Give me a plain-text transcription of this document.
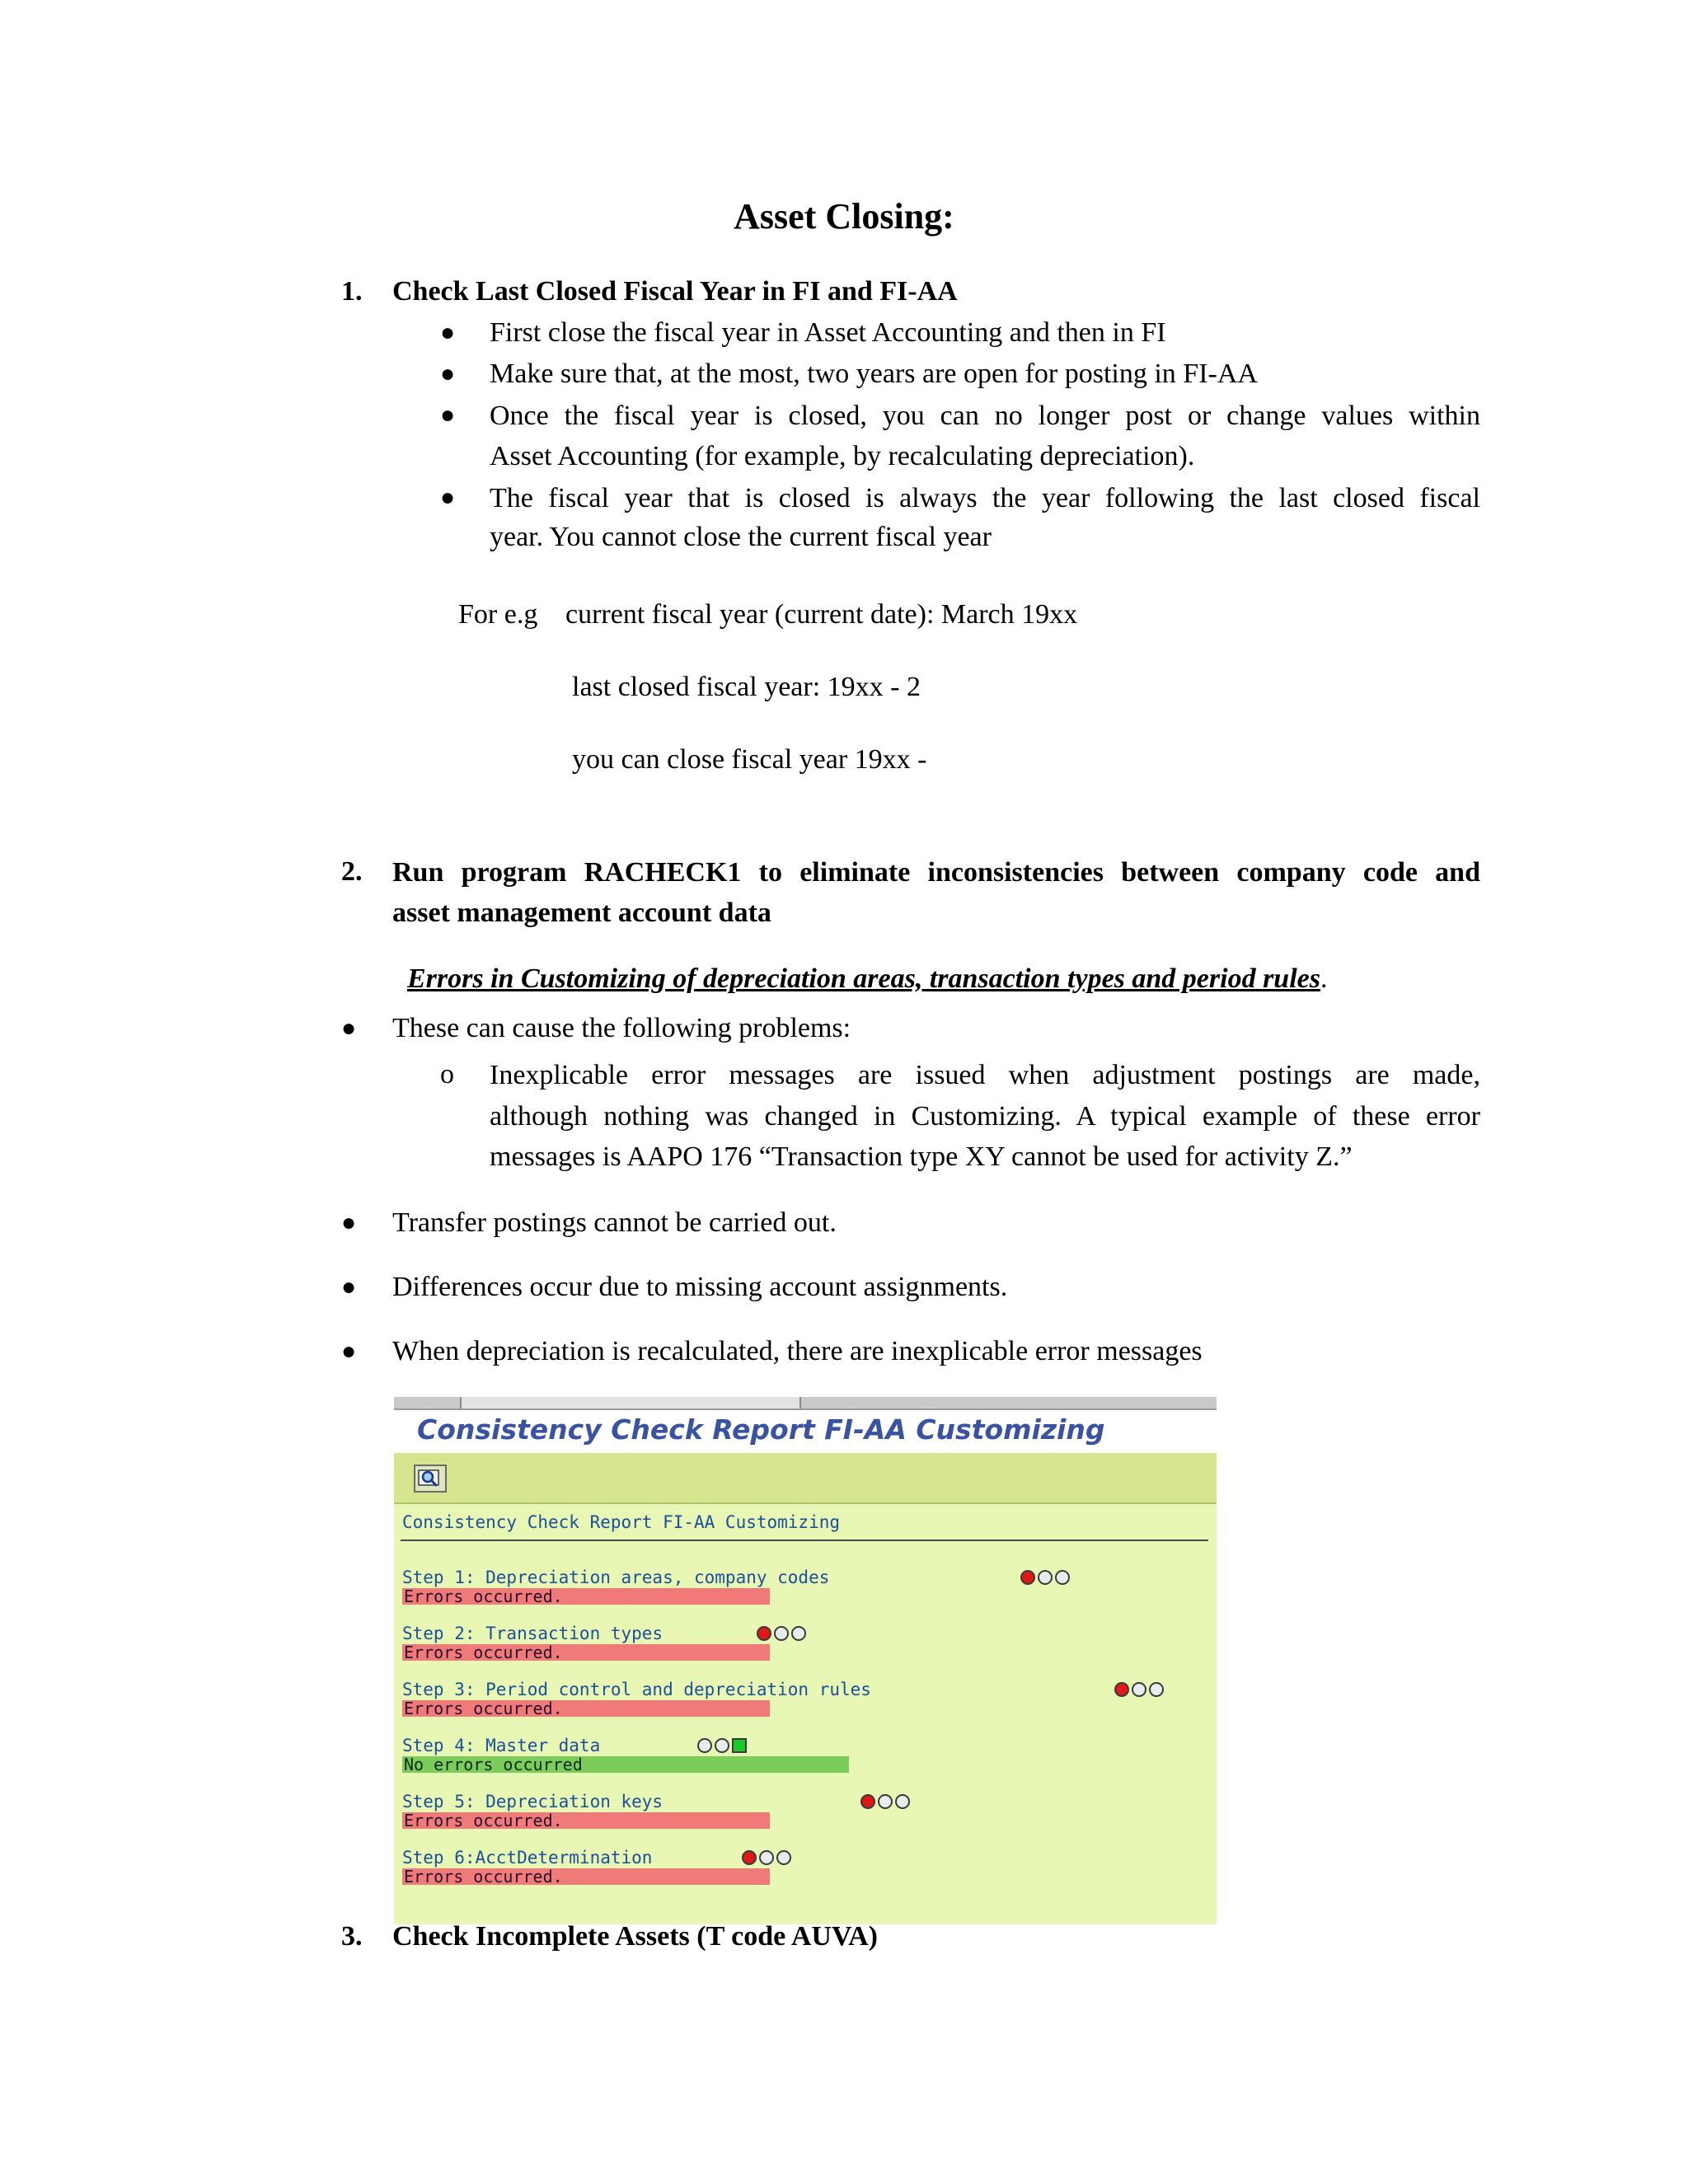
Asset Closing:
1. Check Last Closed Fiscal Year in FI and FI-AA
● First close the fiscal year in Asset Accounting and then in FI
● Make sure that, at the most, two years are open for posting in FI-AA
● Once the fiscal year is closed, you can no longer post or change values within
Asset Accounting (for example, by recalculating depreciation).
● The fiscal year that is closed is always the year following the last closed fiscal
year. You cannot close the current fiscal year
For e.g current fiscal year (current date): March 19xx
last closed fiscal year: 19xx - 2
you can close fiscal year 19xx -
2. Run program RACHECK1 to eliminate inconsistencies between company code and
asset management account data
Errors in Customizing of depreciation areas, transaction types and period rules.
● These can cause the following problems:
o Inexplicable error messages are issued when adjustment postings are made,
although nothing was changed in Customizing. A typical example of these error
messages is AAPO 176 “Transaction type XY cannot be used for activity Z.”
● Transfer postings cannot be carried out.
● Differences occur due to missing account assignments.
● When depreciation is recalculated, there are inexplicable error messages
Consistency Check Report FI-AA Customizing
Consistency Check Report FI-AA Customizing
Step 1: Depreciation areas, company codes
Errors occurred.
Step 2: Transaction types
Errors occurred.
Step 3: Period control and depreciation rules
Errors occurred.
Step 4: Master data
No errors occurred
Step 5: Depreciation keys
Errors occurred.
Step 6:AcctDetermination
Errors occurred.
3. Check Incomplete Assets (T code AUVA)
